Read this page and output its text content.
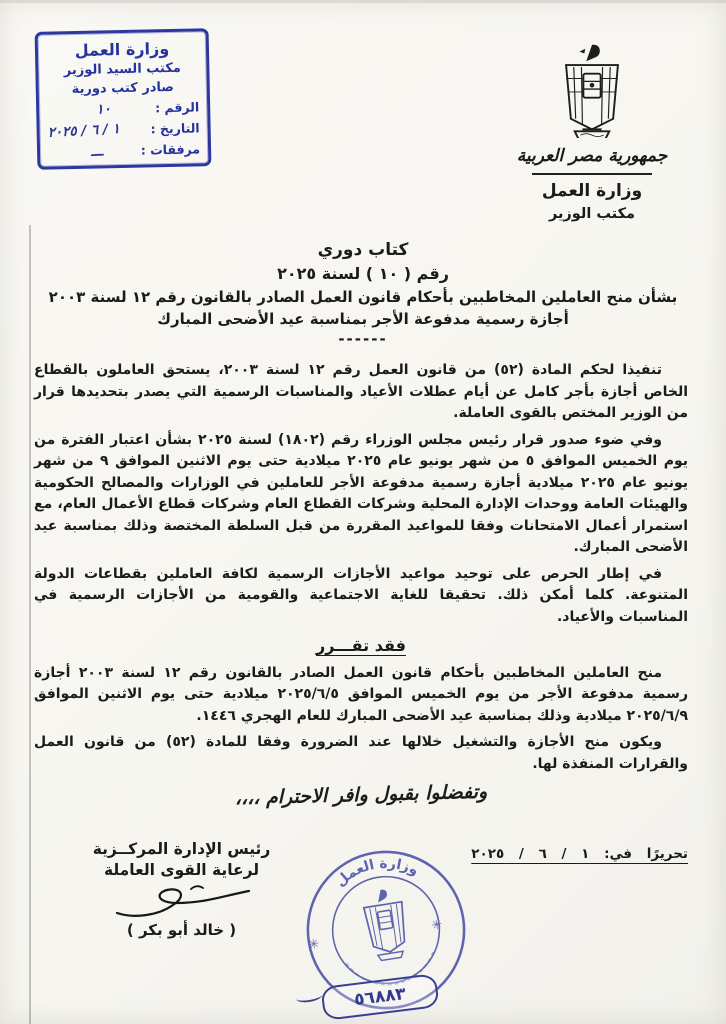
وزارة العمل
مكتب السيد الوزير
صادر كتب دورية
الرقم :
١٠

التاريخ :
١ / ٦ / ٢٠٢٥
مرفقات :
ـــ
	جمهورية مصر العربية
وزارة العمل
مكتب الوزير
كتاب دوري
رقم ( ١٠ ) لسنة ٢٠٢٥
بشأن منح العاملين المخاطبين بأحكام قانون العمل الصادر بالقانون رقم ١٢ لسنة ٢٠٠٣
أجازة رسمية مدفوعة الأجر بمناسبة عيد الأضحى المبارك
------

تنفيذا لحكم المادة (٥٢) من قانون العمل رقم ١٢ لسنة ٢٠٠٣، يستحق العاملون بالقطاع الخاص أجازة بأجر كامل عن أيام عطلات الأعياد والمناسبات الرسمية التي يصدر بتحديدها قرار من الوزير المختص بالقوى العاملة.

وفي ضوء صدور قرار رئيس مجلس الوزراء رقم (١٨٠٢) لسنة ٢٠٢٥ بشأن اعتبار الفترة من يوم الخميس الموافق ٥ من شهر يونيو عام ٢٠٢٥ ميلادية حتى يوم الاثنين الموافق ٩ من شهر يونيو عام ٢٠٢٥ ميلادية أجازة رسمية مدفوعة الأجر للعاملين في الوزارات والمصالح الحكومية والهيئات العامة ووحدات الإدارة المحلية وشركات القطاع العام وشركات قطاع الأعمال العام، مع استمرار أعمال الامتحانات وفقا للمواعيد المقررة من قبل السلطة المختصة وذلك بمناسبة عيد الأضحى المبارك.

في إطار الحرص على توحيد مواعيد الأجازات الرسمية لكافة العاملين بقطاعات الدولة المتنوعة. كلما أمكن ذلك. تحقيقا للغاية الاجتماعية والقومية من الأجازات الرسمية في المناسبات والأعياد.

فقد تقـــرر

منح العاملين المخاطبين بأحكام قانون العمل الصادر بالقانون رقم ١٢ لسنة ٢٠٠٣ أجازة رسمية مدفوعة الأجر من يوم الخميس الموافق ٢٠٢٥/٦/٥ ميلادية حتى يوم الاثنين الموافق ٢٠٢٥/٦/٩ ميلادية وذلك بمناسبة عيد الأضحى المبارك للعام الهجري ١٤٤٦.

ويكون منح الأجازة والتشغيل خلالها عند الضرورة وفقا للمادة (٥٢) من قانون العمل والقرارات المنفذة لها.

وتفضلوا بقبول وافر الاحترام ،،،،
تحريرًا في: ١ / ٦ / ٢٠٢٥
رئيس الإدارة المركــزية
لرعاية القوى العاملة
( خالد أبو بكر )
وزارة العمل
✳
✳
٥٦٨٨٣
